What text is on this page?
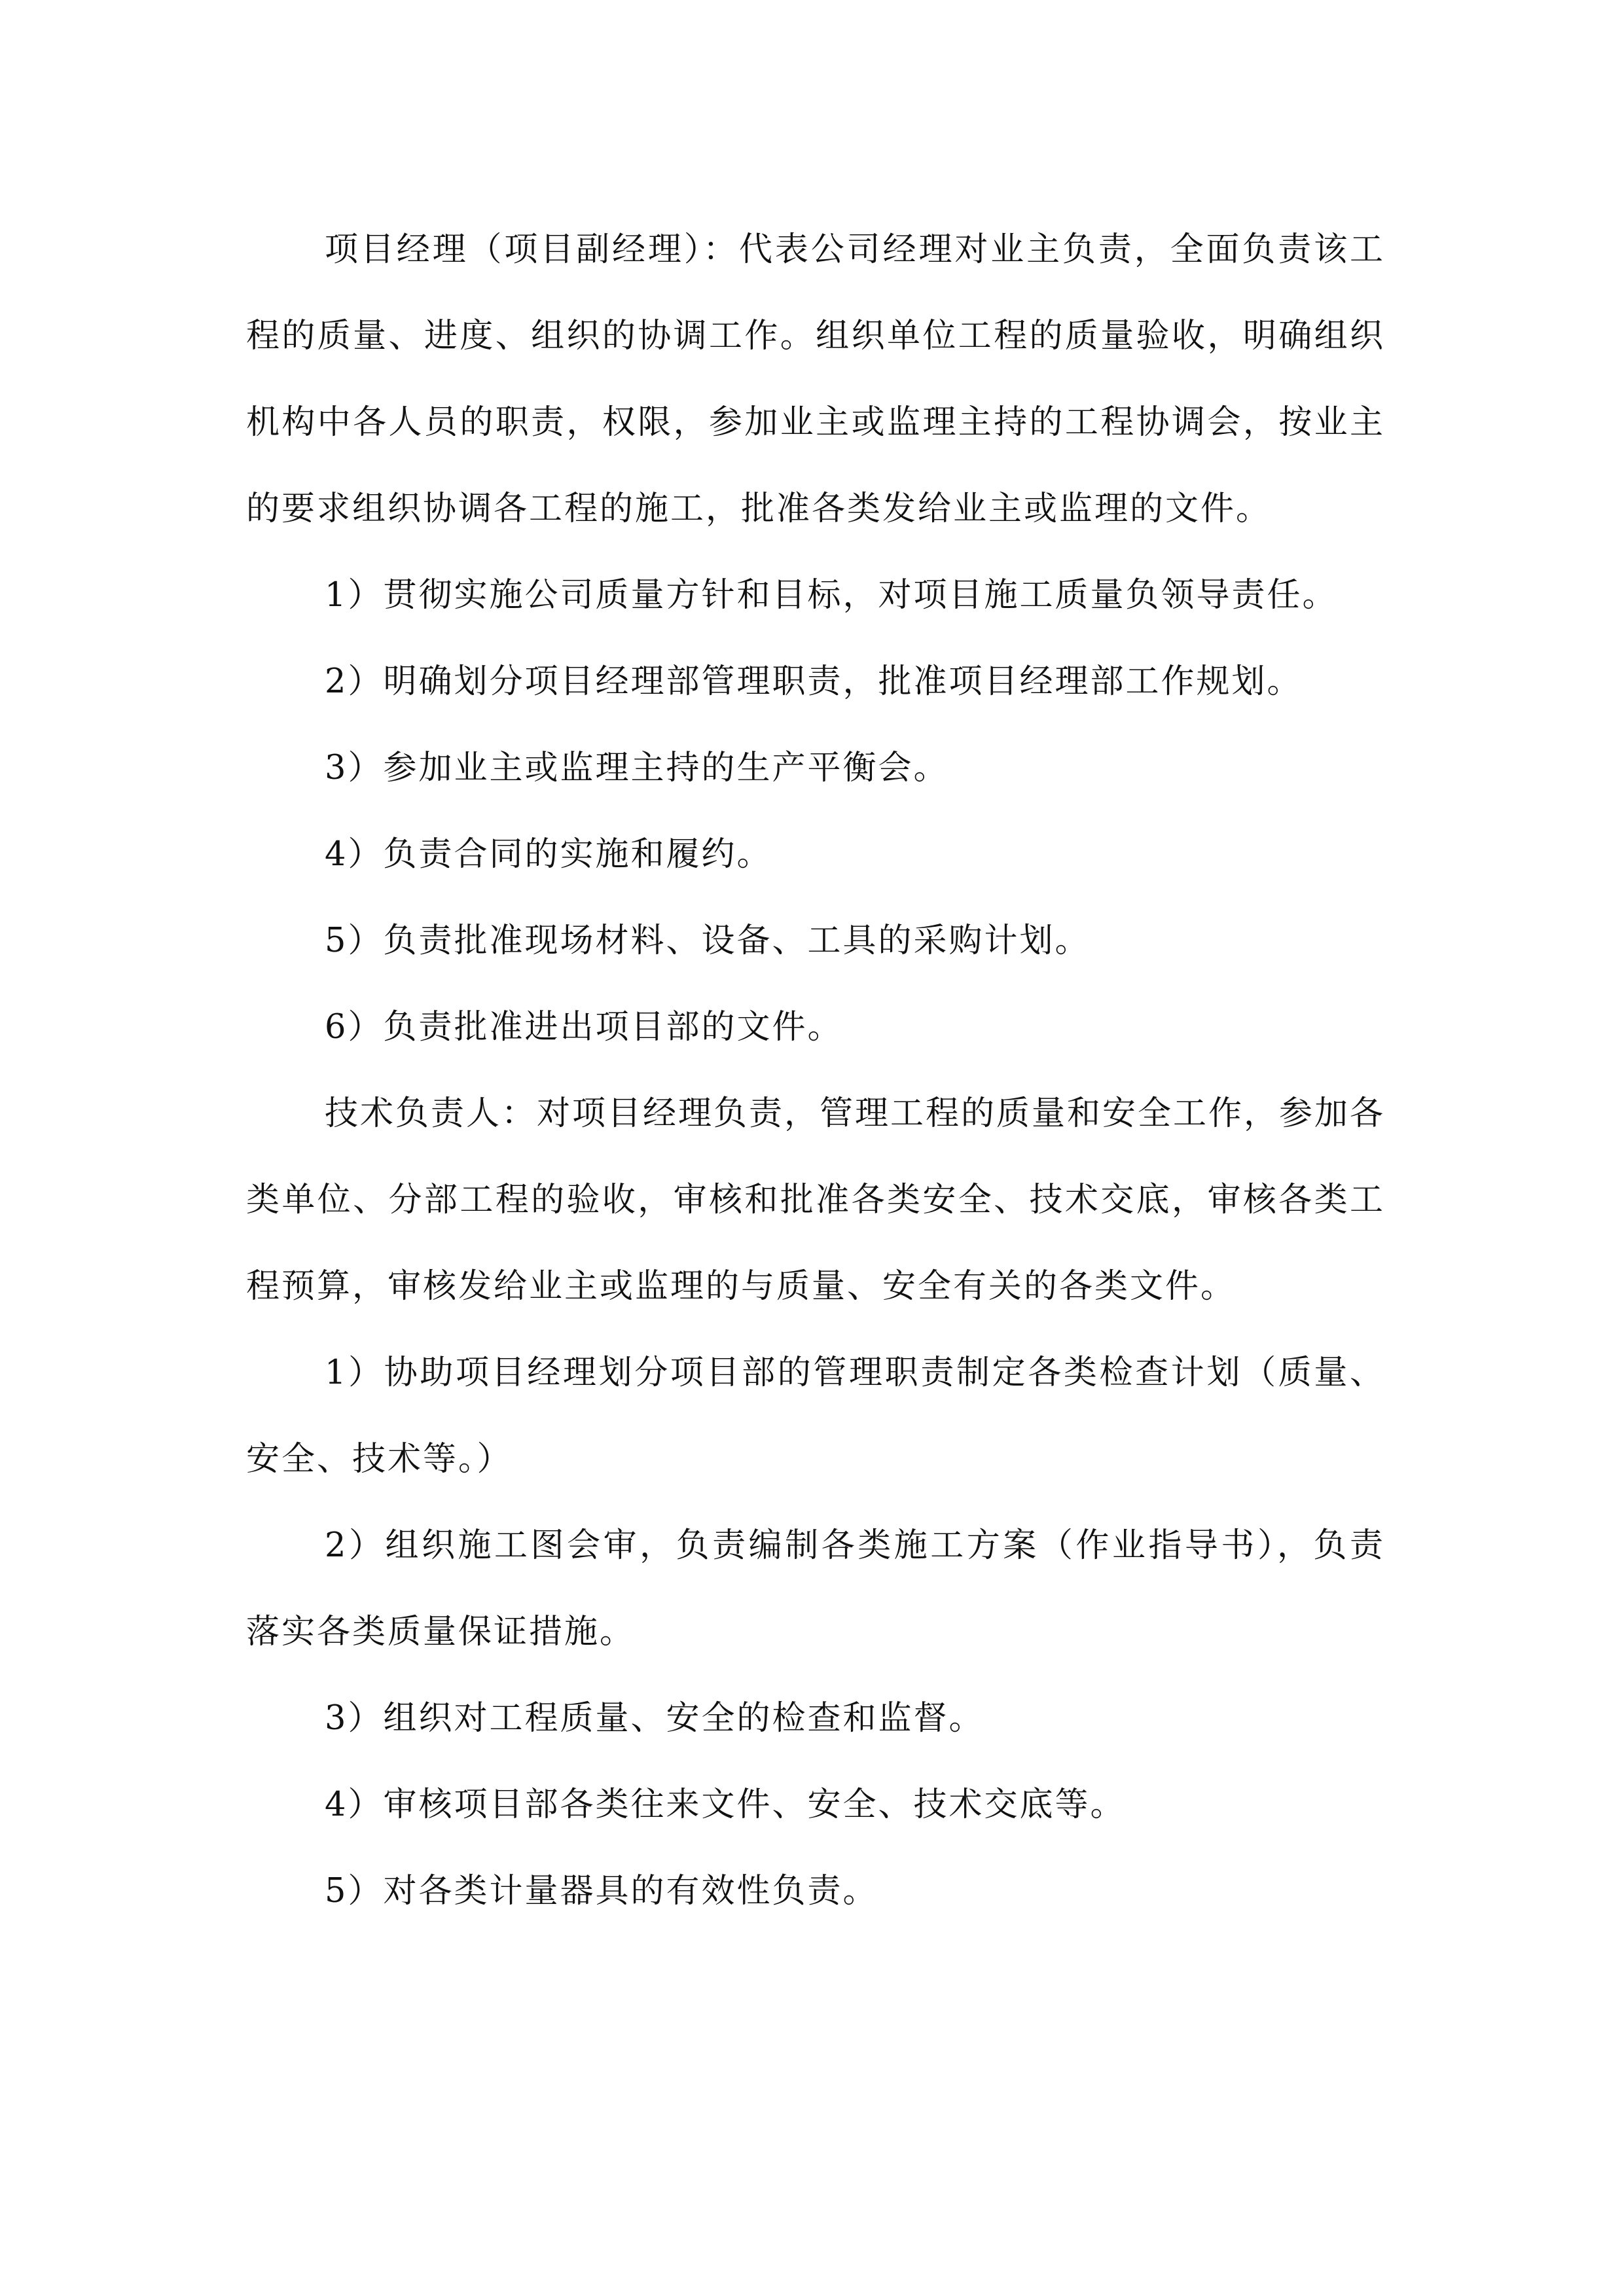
项目经理（项目副经理）：代表公司经理对业主负责，全面负责该工程的质量、进度、组织的协调工作。组织单位工程的质量验收，明确组织机构中各人员的职责，权限，参加业主或监理主持的工程协调会，按业主的要求组织协调各工程的施工，批准各类发给业主或监理的文件。

1）贯彻实施公司质量方针和目标，对项目施工质量负领导责任。

2）明确划分项目经理部管理职责，批准项目经理部工作规划。

3）参加业主或监理主持的生产平衡会。

4）负责合同的实施和履约。

5）负责批准现场材料、设备、工具的采购计划。

6）负责批准进出项目部的文件。

技术负责人：对项目经理负责，管理工程的质量和安全工作，参加各类单位、分部工程的验收，审核和批准各类安全、技术交底，审核各类工程预算，审核发给业主或监理的与质量、安全有关的各类文件。

1）协助项目经理划分项目部的管理职责制定各类检查计划（质量、安全、技术等。）

2）组织施工图会审，负责编制各类施工方案（作业指导书），负责落实各类质量保证措施。

3）组织对工程质量、安全的检查和监督。

4）审核项目部各类往来文件、安全、技术交底等。

5）对各类计量器具的有效性负责。
